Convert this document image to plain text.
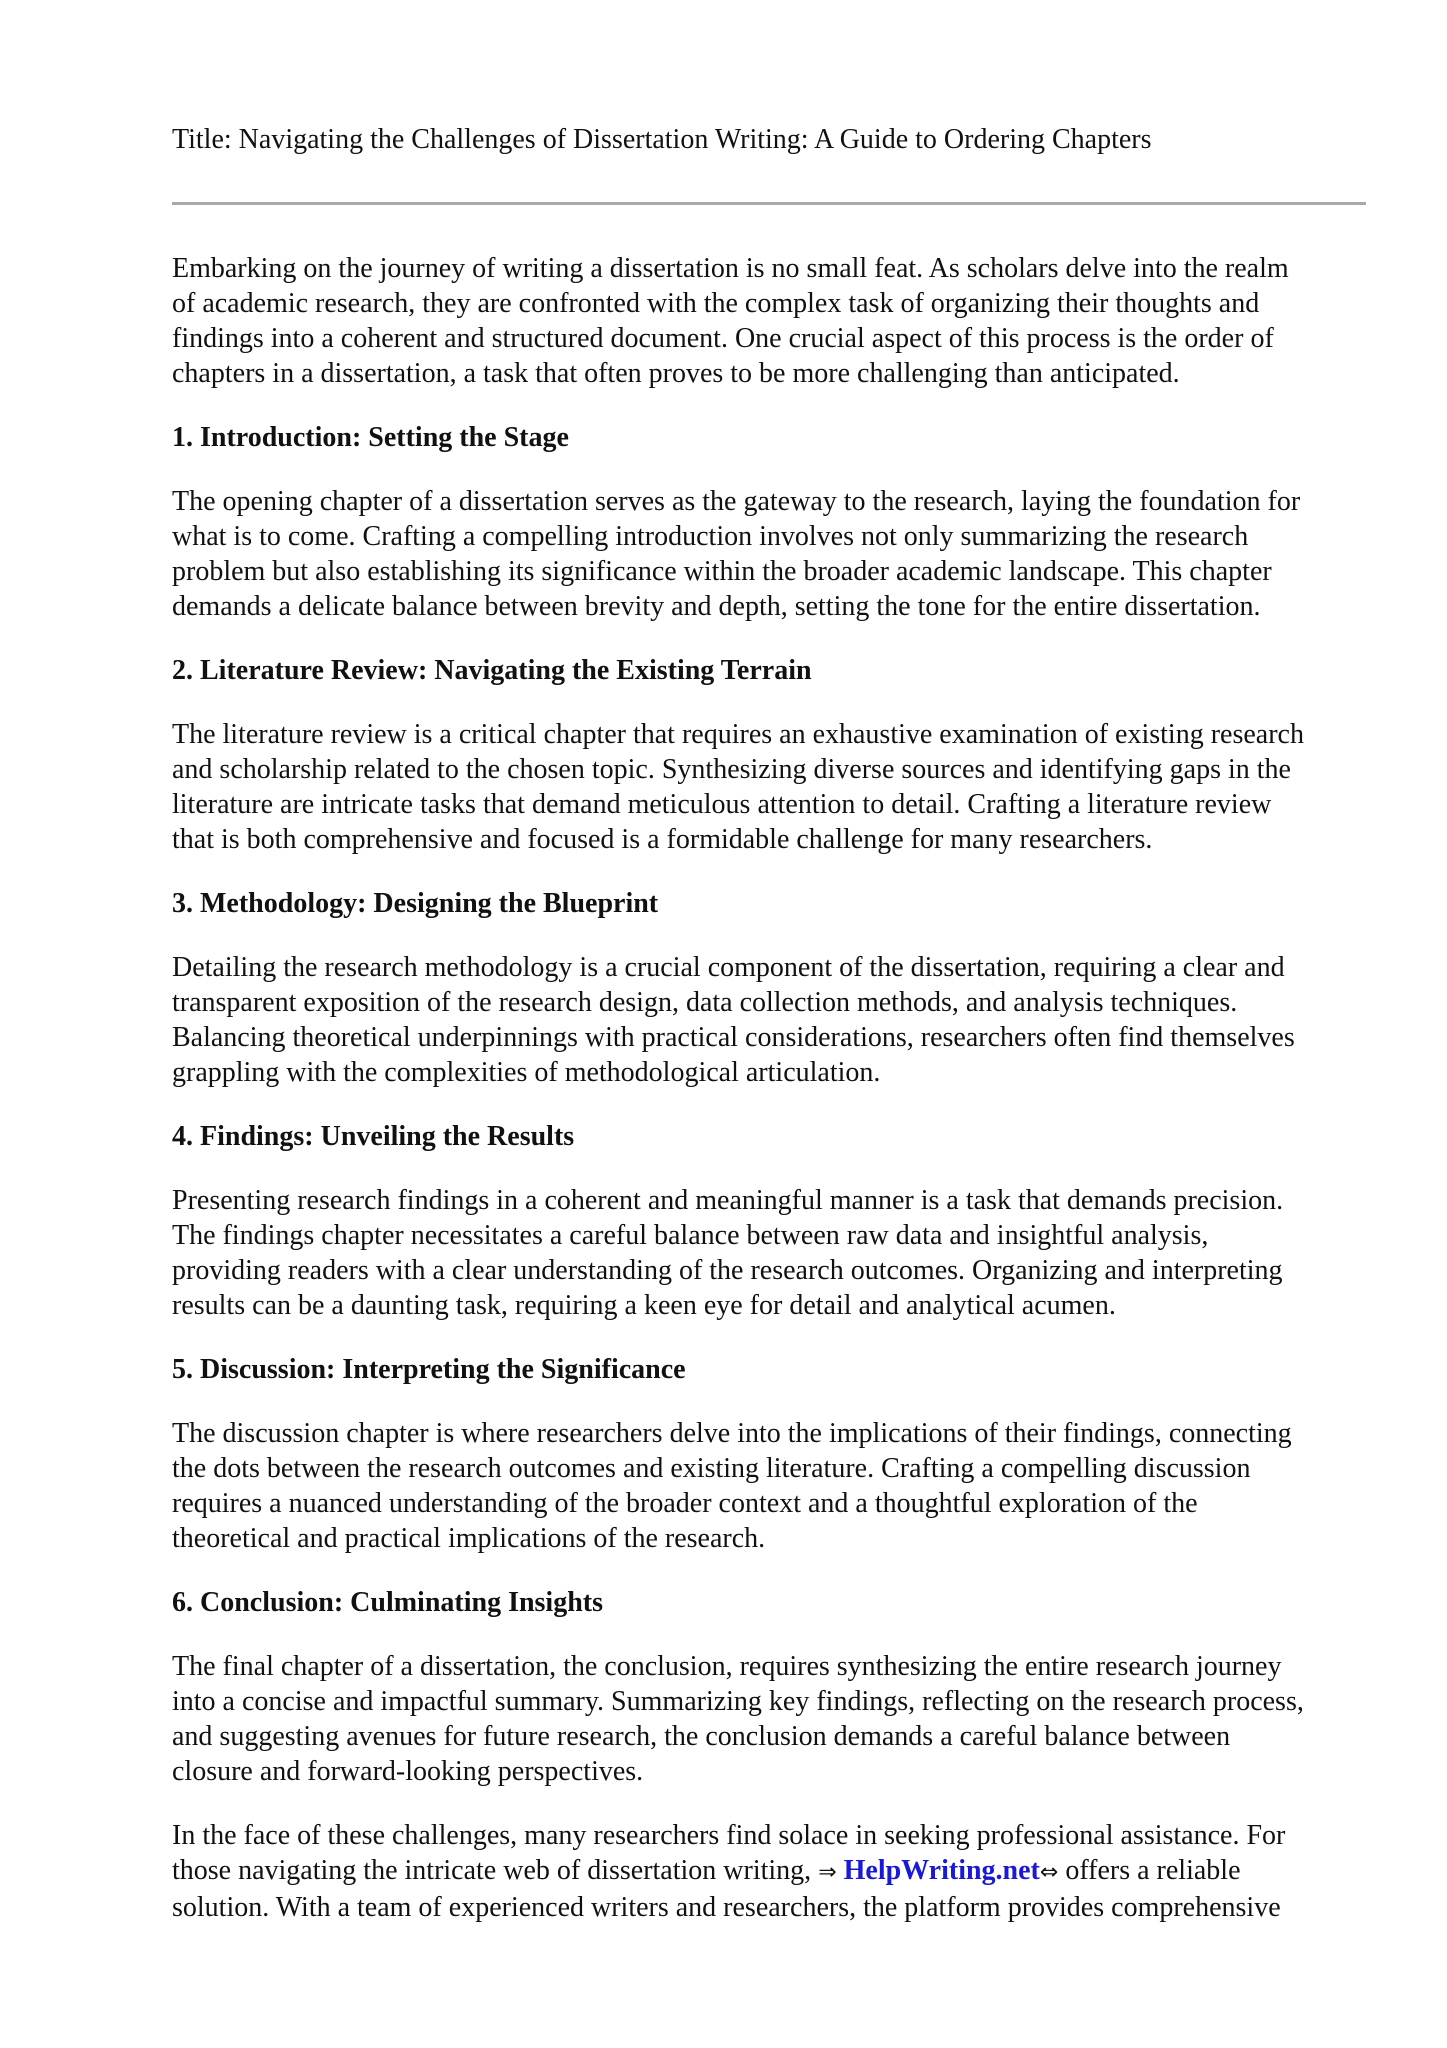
Title: Navigating the Challenges of Dissertation Writing: A Guide to Ordering Chapters
Embarking on the journey of writing a dissertation is no small feat. As scholars delve into the realm
of academic research, they are confronted with the complex task of organizing their thoughts and
findings into a coherent and structured document. One crucial aspect of this process is the order of
chapters in a dissertation, a task that often proves to be more challenging than anticipated.
1. Introduction: Setting the Stage
The opening chapter of a dissertation serves as the gateway to the research, laying the foundation for
what is to come. Crafting a compelling introduction involves not only summarizing the research
problem but also establishing its significance within the broader academic landscape. This chapter
demands a delicate balance between brevity and depth, setting the tone for the entire dissertation.
2. Literature Review: Navigating the Existing Terrain
The literature review is a critical chapter that requires an exhaustive examination of existing research
and scholarship related to the chosen topic. Synthesizing diverse sources and identifying gaps in the
literature are intricate tasks that demand meticulous attention to detail. Crafting a literature review
that is both comprehensive and focused is a formidable challenge for many researchers.
3. Methodology: Designing the Blueprint
Detailing the research methodology is a crucial component of the dissertation, requiring a clear and
transparent exposition of the research design, data collection methods, and analysis techniques.
Balancing theoretical underpinnings with practical considerations, researchers often find themselves
grappling with the complexities of methodological articulation.
4. Findings: Unveiling the Results
Presenting research findings in a coherent and meaningful manner is a task that demands precision.
The findings chapter necessitates a careful balance between raw data and insightful analysis,
providing readers with a clear understanding of the research outcomes. Organizing and interpreting
results can be a daunting task, requiring a keen eye for detail and analytical acumen.
5. Discussion: Interpreting the Significance
The discussion chapter is where researchers delve into the implications of their findings, connecting
the dots between the research outcomes and existing literature. Crafting a compelling discussion
requires a nuanced understanding of the broader context and a thoughtful exploration of the
theoretical and practical implications of the research.
6. Conclusion: Culminating Insights
The final chapter of a dissertation, the conclusion, requires synthesizing the entire research journey
into a concise and impactful summary. Summarizing key findings, reflecting on the research process,
and suggesting avenues for future research, the conclusion demands a careful balance between
closure and forward-looking perspectives.
In the face of these challenges, many researchers find solace in seeking professional assistance. For
those navigating the intricate web of dissertation writing, ⇒ HelpWriting.net⇔ offers a reliable
solution. With a team of experienced writers and researchers, the platform provides comprehensive
